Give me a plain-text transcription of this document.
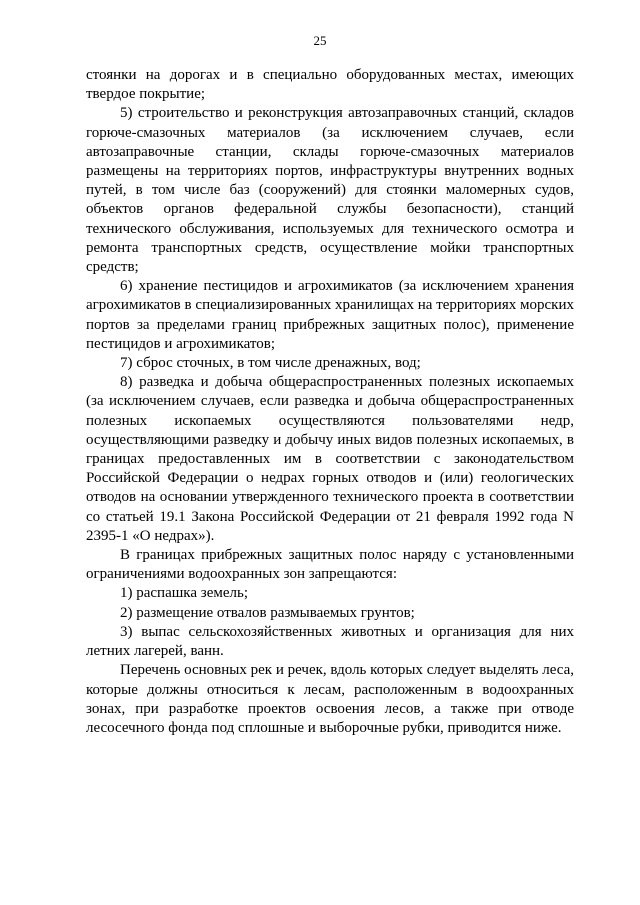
25

стоянки на дорогах и в специально оборудованных местах, имеющих твердое покрытие;

5) строительство и реконструкция автозаправочных станций, складов горюче-смазочных материалов (за исключением случаев, если автозаправочные станции, склады горюче-смазочных материалов размещены на территориях портов, инфраструктуры внутренних водных путей, в том числе баз (сооружений) для стоянки маломерных судов, объектов органов федеральной службы безопасности), станций технического обслуживания, используемых для технического осмотра и ремонта транспортных средств, осуществление мойки транспортных средств;

6) хранение пестицидов и агрохимикатов (за исключением хранения агрохимикатов в специализированных хранилищах на территориях морских портов за пределами границ прибрежных защитных полос), применение пестицидов и агрохимикатов;

7) сброс сточных, в том числе дренажных, вод;

8) разведка и добыча общераспространенных полезных ископаемых (за исключением случаев, если разведка и добыча общераспространенных полезных ископаемых осуществляются пользователями недр, осуществляющими разведку и добычу иных видов полезных ископаемых, в границах предоставленных им в соответствии с законодательством Российской Федерации о недрах горных отводов и (или) геологических отводов на основании утвержденного технического проекта в соответствии со статьей 19.1 Закона Российской Федерации от 21 февраля 1992 года N 2395-1 «О недрах»).

В границах прибрежных защитных полос наряду с установленными ограничениями водоохранных зон запрещаются:

1) распашка земель;

2) размещение отвалов размываемых грунтов;

3) выпас сельскохозяйственных животных и организация для них летних лагерей, ванн.

Перечень основных рек и речек, вдоль которых следует выделять леса, которые должны относиться к лесам, расположенным в водоохранных зонах, при разработке проектов освоения лесов, а также при отводе лесосечного фонда под сплошные и выборочные рубки, приводится ниже.
